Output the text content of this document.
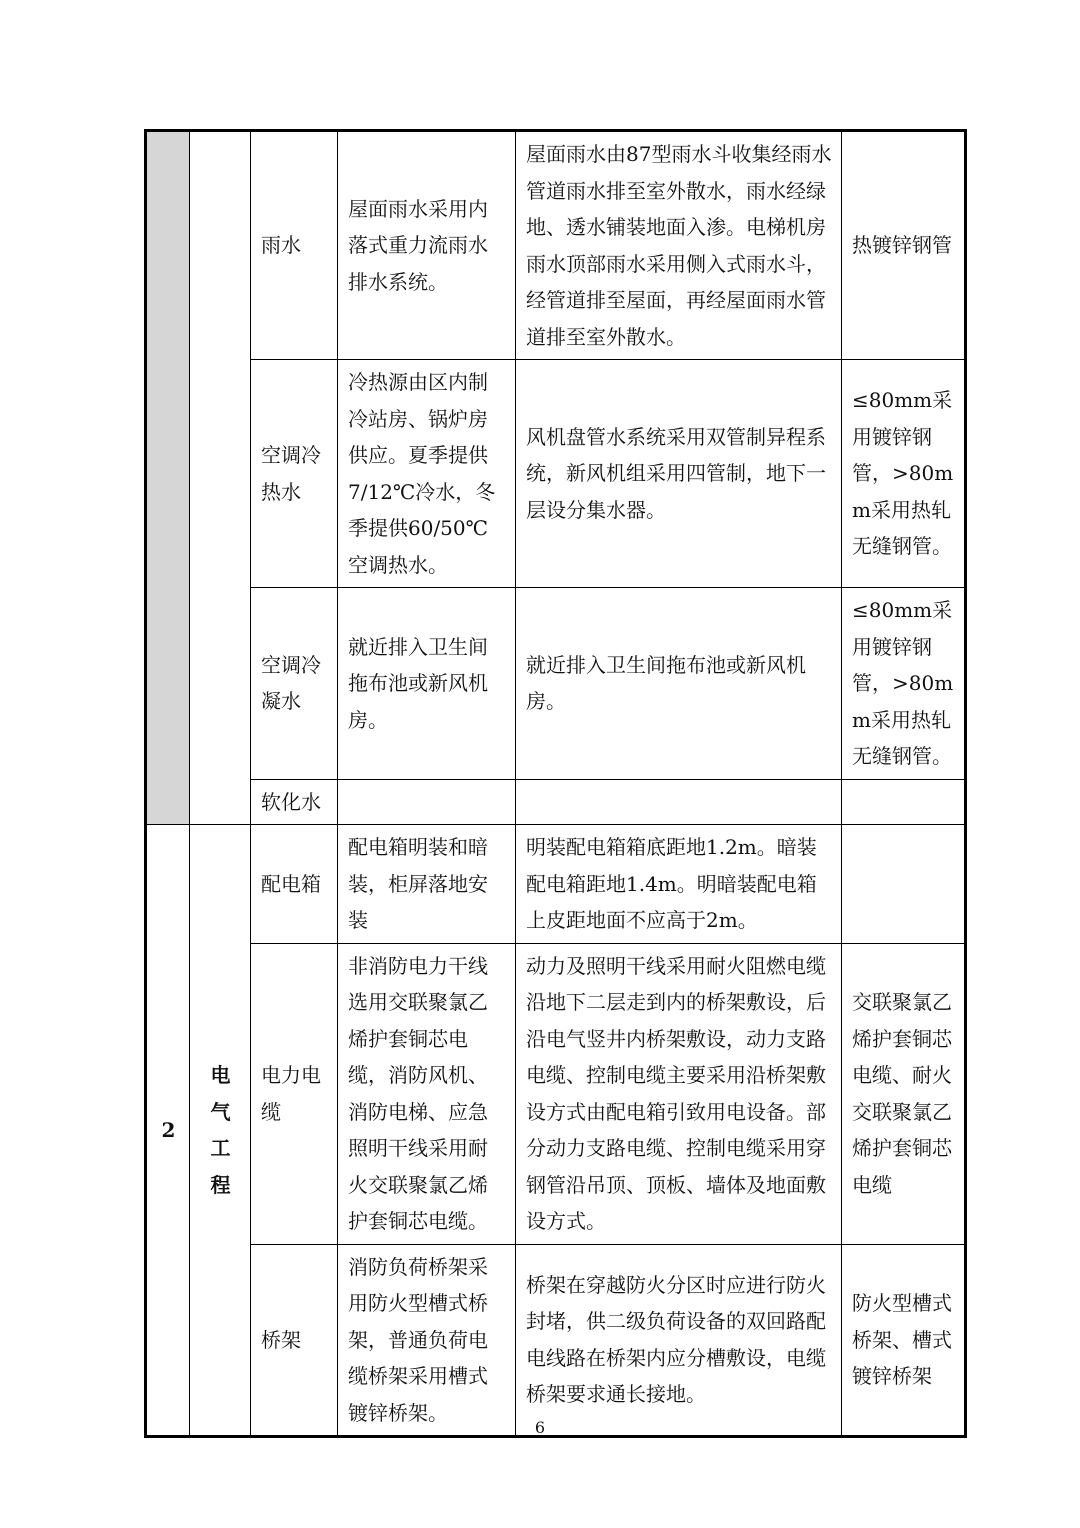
		雨水	屋面雨水采用内落式重力流雨水排水系统。	屋面雨水由87型雨水斗收集经雨水管道雨水排至室外散水，雨水经绿地、透水铺装地面入渗。电梯机房雨水顶部雨水采用侧入式雨水斗，经管道排至屋面，再经屋面雨水管道排至室外散水。	热镀锌钢管
		空调冷热水	冷热源由区内制冷站房、锅炉房供应。夏季提供7/12℃冷水，冬季提供60/50℃空调热水。	风机盘管水系统采用双管制异程系统，新风机组采用四管制，地下一层设分集水器。	≤80mm采用镀锌钢管，>80mm采用热轧无缝钢管。
		空调冷凝水	就近排入卫生间拖布池或新风机房。	就近排入卫生间拖布池或新风机房。	≤80mm采用镀锌钢管，>80mm采用热轧无缝钢管。
		软化水			
2	电气工程	配电箱	配电箱明装和暗装，柜屏落地安装	明装配电箱箱底距地1.2m。暗装配电箱距地1.4m。明暗装配电箱上皮距地面不应高于2m。	
		电力电缆	非消防电力干线选用交联聚氯乙烯护套铜芯电缆，消防风机、消防电梯、应急照明干线采用耐火交联聚氯乙烯护套铜芯电缆。	动力及照明干线采用耐火阻燃电缆沿地下二层走到内的桥架敷设，后沿电气竖井内桥架敷设，动力支路电缆、控制电缆主要采用沿桥架敷设方式由配电箱引致用电设备。部分动力支路电缆、控制电缆采用穿钢管沿吊顶、顶板、墙体及地面敷设方式。	交联聚氯乙烯护套铜芯电缆、耐火交联聚氯乙烯护套铜芯电缆
		桥架	消防负荷桥架采用防火型槽式桥架，普通负荷电缆桥架采用槽式镀锌桥架。	桥架在穿越防火分区时应进行防火封堵，供二级负荷设备的双回路配电线路在桥架内应分槽敷设，电缆桥架要求通长接地。	防火型槽式桥架、槽式镀锌桥架
6
